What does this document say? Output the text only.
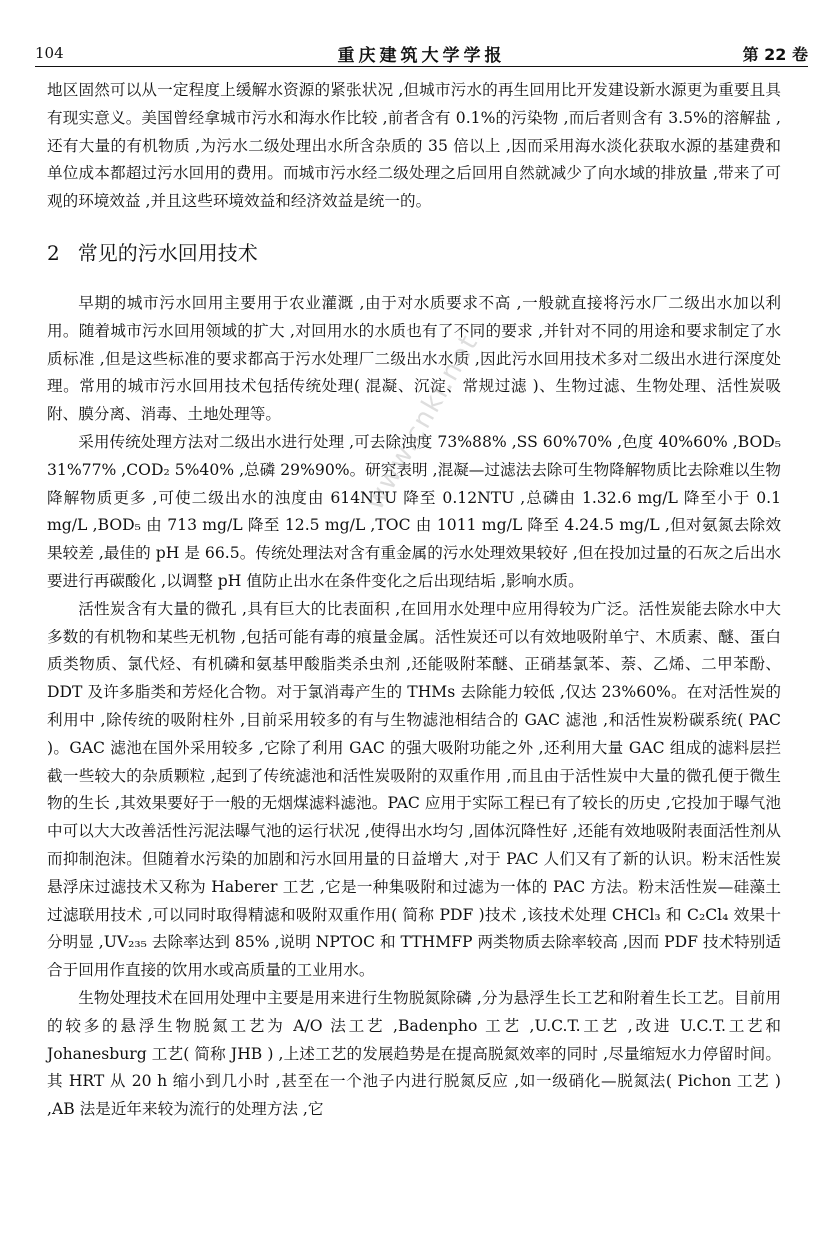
104	重庆建筑大学学报	第 22 卷

地区固然可以从一定程度上缓解水资源的紧张状况 ,但城市污水的再生回用比开发建设新水源更为重要且具有现实意义。美国曾经拿城市污水和海水作比较 ,前者含有 0.1%的污染物 ,而后者则含有 3.5%的溶解盐 ,还有大量的有机物质 ,为污水二级处理出水所含杂质的 35 倍以上 ,因而采用海水淡化获取水源的基建费和单位成本都超过污水回用的费用。而城市污水经二级处理之后回用自然就减少了向水域的排放量 ,带来了可观的环境效益 ,并且这些环境效益和经济效益是统一的。

2 常见的污水回用技术

早期的城市污水回用主要用于农业灌溉 ,由于对水质要求不高 ,一般就直接将污水厂二级出水加以利用。随着城市污水回用领域的扩大 ,对回用水的水质也有了不同的要求 ,并针对不同的用途和要求制定了水质标准 ,但是这些标准的要求都高于污水处理厂二级出水水质 ,因此污水回用技术多对二级出水进行深度处理。常用的城市污水回用技术包括传统处理( 混凝、沉淀、常规过滤 )、生物过滤、生物处理、活性炭吸附、膜分离、消毒、土地处理等。

采用传统处理方法对二级出水进行处理 ,可去除浊度 73%88% ,SS 60%70% ,色度 40%60% ,BOD₅ 31%77% ,COD₂ 5%40% ,总磷 29%90%。研究表明 ,混凝—过滤法去除可生物降解物质比去除难以生物降解物质更多 ,可使二级出水的浊度由 614NTU 降至 0.12NTU ,总磷由 1.32.6 mg/L 降至小于 0.1 mg/L ,BOD₅ 由 713 mg/L 降至 12.5 mg/L ,TOC 由 1011 mg/L 降至 4.24.5 mg/L ,但对氨氮去除效果较差 ,最佳的 pH 是 66.5。传统处理法对含有重金属的污水处理效果较好 ,但在投加过量的石灰之后出水要进行再碳酸化 ,以调整 pH 值防止出水在条件变化之后出现结垢 ,影响水质。

活性炭含有大量的微孔 ,具有巨大的比表面积 ,在回用水处理中应用得较为广泛。活性炭能去除水中大多数的有机物和某些无机物 ,包括可能有毒的痕量金属。活性炭还可以有效地吸附单宁、木质素、醚、蛋白质类物质、氯代烃、有机磷和氨基甲酸脂类杀虫剂 ,还能吸附苯醚、正硝基氯苯、萘、乙烯、二甲苯酚、DDT 及许多脂类和芳烃化合物。对于氯消毒产生的 THMs 去除能力较低 ,仅达 23%60%。在对活性炭的利用中 ,除传统的吸附柱外 ,目前采用较多的有与生物滤池相结合的 GAC 滤池 ,和活性炭粉碳系统( PAC )。GAC 滤池在国外采用较多 ,它除了利用 GAC 的强大吸附功能之外 ,还利用大量 GAC 组成的滤料层拦截一些较大的杂质颗粒 ,起到了传统滤池和活性炭吸附的双重作用 ,而且由于活性炭中大量的微孔便于微生物的生长 ,其效果要好于一般的无烟煤滤料滤池。PAC 应用于实际工程已有了较长的历史 ,它投加于曝气池中可以大大改善活性污泥法曝气池的运行状况 ,使得出水均匀 ,固体沉降性好 ,还能有效地吸附表面活性剂从而抑制泡沫。但随着水污染的加剧和污水回用量的日益增大 ,对于 PAC 人们又有了新的认识。粉末活性炭悬浮床过滤技术又称为 Haberer 工艺 ,它是一种集吸附和过滤为一体的 PAC 方法。粉末活性炭—硅藻土过滤联用技术 ,可以同时取得精滤和吸附双重作用( 简称 PDF )技术 ,该技术处理 CHCl₃ 和 C₂Cl₄ 效果十分明显 ,UV₂₃₅ 去除率达到 85% ,说明 NPTOC 和 TTHMFP 两类物质去除率较高 ,因而 PDF 技术特别适合于回用作直接的饮用水或高质量的工业用水。

生物处理技术在回用处理中主要是用来进行生物脱氮除磷 ,分为悬浮生长工艺和附着生长工艺。目前用的较多的悬浮生物脱氮工艺为 A/O 法工艺 ,Badenpho 工艺 ,U.C.T.工艺 ,改进 U.C.T.工艺和 Johanesburg 工艺( 简称 JHB ) ,上述工艺的发展趋势是在提高脱氮效率的同时 ,尽量缩短水力停留时间。其 HRT 从 20 h 缩小到几小时 ,甚至在一个池子内进行脱氮反应 ,如一级硝化—脱氮法( Pichon 工艺 ) ,AB 法是近年来较为流行的处理方法 ,它

www.cnki.net
